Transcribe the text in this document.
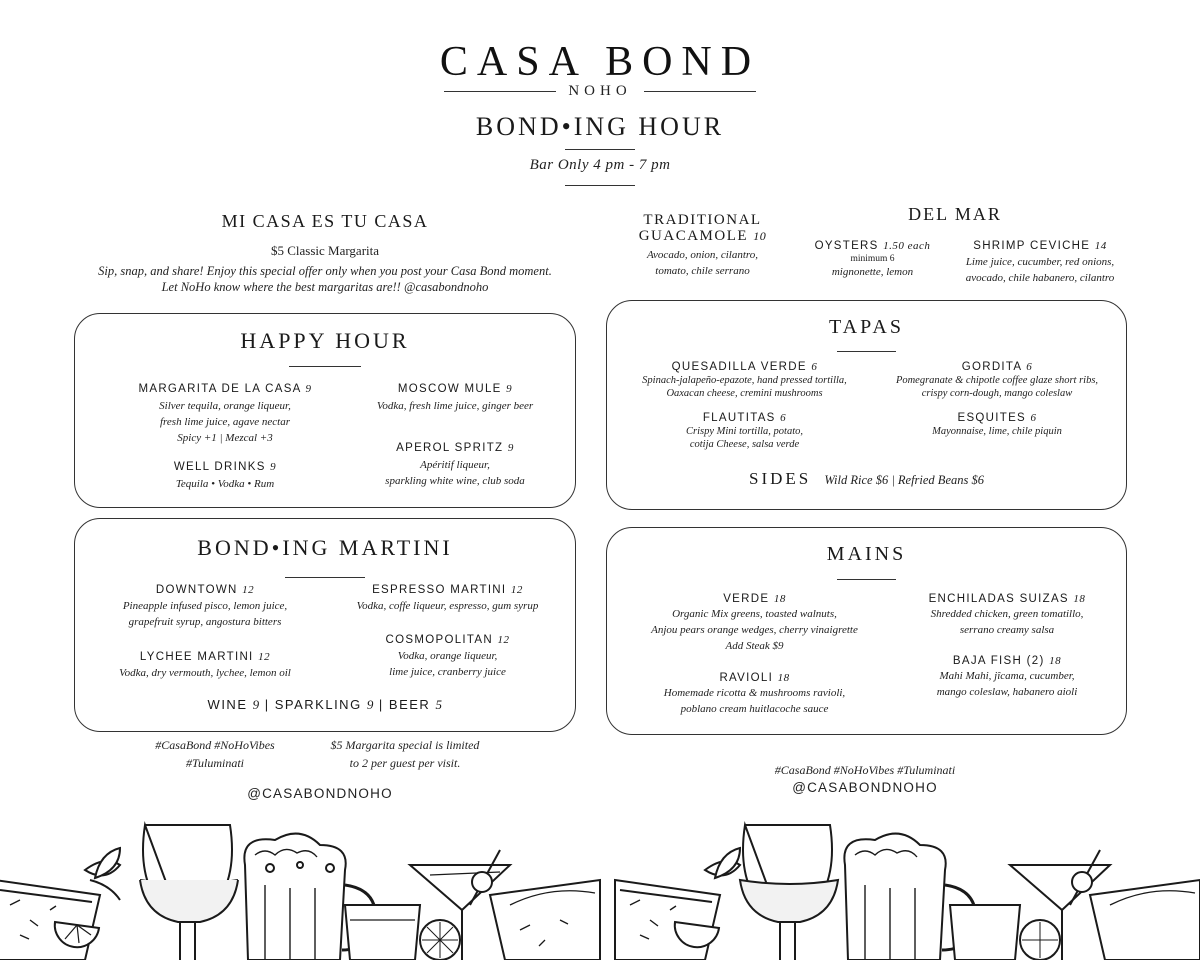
CASA BOND
NOHO
BOND•ING HOUR
Bar Only 4 pm - 7 pm
MI CASA ES TU CASA
$5 Classic Margarita
Sip, snap, and share! Enjoy this special offer only when you post your Casa Bond moment.
Let NoHo know where the best margaritas are!! @casabondnoho
HAPPY HOUR
MARGARITA DE LA CASA 9
Silver tequila, orange liqueur,
fresh lime juice, agave nectar
Spicy +1 | Mezcal +3
MOSCOW MULE 9
Vodka, fresh lime juice, ginger beer
WELL DRINKS 9
Tequila • Vodka • Rum
APEROL SPRITZ 9
Apéritif liqueur,
sparkling white wine, club soda
BOND•ING MARTINI
DOWNTOWN 12
Pineapple infused pisco, lemon juice,
grapefruit syrup, angostura bitters
ESPRESSO MARTINI 12
Vodka, coffe liqueur, espresso, gum syrup
LYCHEE MARTINI 12
Vodka, dry vermouth, lychee, lemon oil
COSMOPOLITAN 12
Vodka, orange liqueur,
lime juice, cranberry juice
WINE 9 | SPARKLING 9 | BEER 5
#CasaBond #NoHoVibes
#Tuluminati
$5 Margarita special is limited
to 2 per guest per visit.
@CASABONDNOHO
TRADITIONAL
GUACAMOLE 10
Avocado, onion, cilantro,
tomato, chile serrano
DEL MAR
OYSTERS 1.50 each
minimum 6
mignonette, lemon
SHRIMP CEVICHE 14
Lime juice, cucumber, red onions,
avocado, chile habanero, cilantro
TAPAS
QUESADILLA VERDE 6
Spinach-jalapeño-epazote, hand pressed tortilla,
Oaxacan cheese, cremini mushrooms
GORDITA 6
Pomegranate & chipotle coffee glaze short ribs,
crispy corn-dough, mango coleslaw
FLAUTITAS 6
Crispy Mini tortilla, potato,
cotija Cheese, salsa verde
ESQUITES 6
Mayonnaise, lime, chile piquin
SIDES Wild Rice $6 | Refried Beans $6
MAINS
VERDE 18
Organic Mix greens, toasted walnuts,
Anjou pears orange wedges, cherry vinaigrette
Add Steak $9
ENCHILADAS SUIZAS 18
Shredded chicken, green tomatillo,
serrano creamy salsa
RAVIOLI 18
Homemade ricotta & mushrooms ravioli,
poblano cream huitlacoche sauce
BAJA FISH (2) 18
Mahi Mahi, jîcama, cucumber,
mango coleslaw, habanero aioli
#CasaBond #NoHoVibes #Tuluminati
@CASABONDNOHO
